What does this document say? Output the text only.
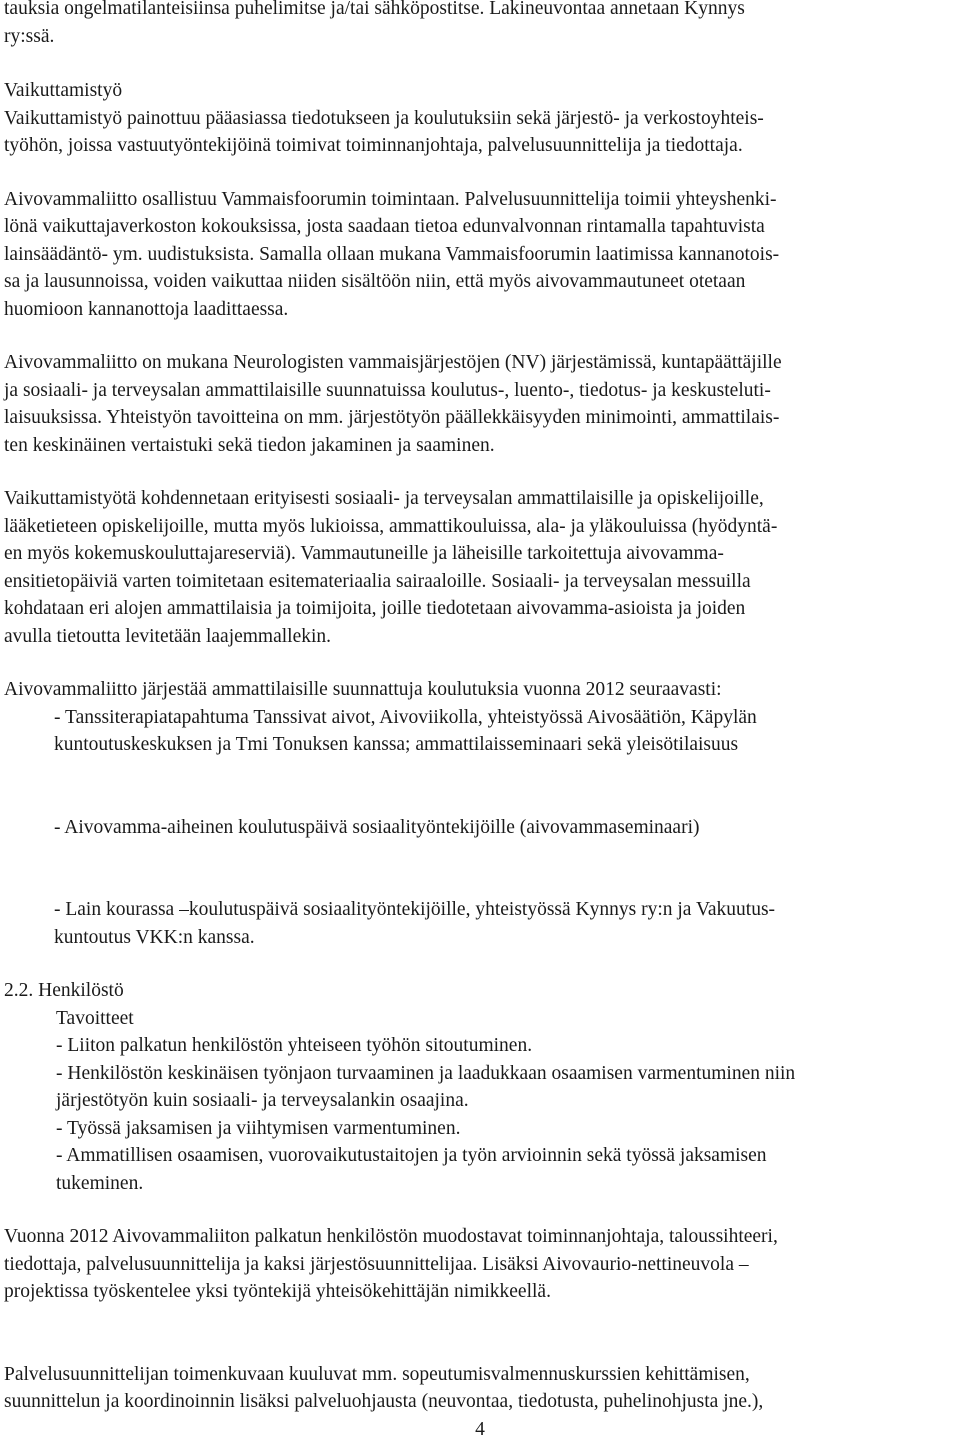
tauksia ongelmatilanteisiinsa puhelimitse ja/tai sähköpostitse. Lakineuvontaa annetaan Kynnys
ry:ssä.

Vaikuttamistyö

Vaikuttamistyö painottuu pääasiassa tiedotukseen ja koulutuksiin sekä järjestö- ja verkostoyhteis-
työhön, joissa vastuutyöntekijöinä toimivat toiminnanjohtaja, palvelusuunnittelija ja tiedottaja.

Aivovammaliitto osallistuu Vammaisfoorumin toimintaan. Palvelusuunnittelija toimii yhteyshenki-
lönä vaikuttajaverkoston kokouksissa, josta saadaan tietoa edunvalvonnan rintamalla tapahtuvista
lainsäädäntö- ym. uudistuksista. Samalla ollaan mukana Vammaisfoorumin laatimissa kannanotois-
sa ja lausunnoissa, voiden vaikuttaa niiden sisältöön niin, että myös aivovammautuneet otetaan
huomioon kannanottoja laadittaessa.

Aivovammaliitto on mukana Neurologisten vammaisjärjestöjen (NV) järjestämissä, kuntapäättäjille
ja sosiaali- ja terveysalan ammattilaisille suunnatuissa koulutus-, luento-, tiedotus- ja keskusteluti-
laisuuksissa. Yhteistyön tavoitteina on mm. järjestötyön päällekkäisyyden minimointi, ammattilais-
ten keskinäinen vertaistuki sekä tiedon jakaminen ja saaminen.

Vaikuttamistyötä kohdennetaan erityisesti sosiaali- ja terveysalan ammattilaisille ja opiskelijoille,
lääketieteen opiskelijoille, mutta myös lukioissa, ammattikouluissa, ala- ja yläkouluissa (hyödyntä-
en myös kokemuskouluttajareserviä). Vammautuneille ja läheisille tarkoitettuja aivovamma-
ensitietopäiviä varten toimitetaan esitemateriaalia sairaaloille. Sosiaali- ja terveysalan messuilla
kohdataan eri alojen ammattilaisia ja toimijoita, joille tiedotetaan aivovamma-asioista ja joiden
avulla tietoutta levitetään laajemmallekin.

Aivovammaliitto järjestää ammattilaisille suunnattuja koulutuksia vuonna 2012 seuraavasti:

- Tanssiterapiatapahtuma Tanssivat aivot, Aivoviikolla, yhteistyössä Aivosäätiön, Käpylän
kuntoutuskeskuksen ja Tmi Tonuksen kanssa; ammattilaisseminaari sekä yleisötilaisuus

- Aivovamma-aiheinen koulutuspäivä sosiaalityöntekijöille (aivovammaseminaari)

- Lain kourassa –koulutuspäivä sosiaalityöntekijöille, yhteistyössä Kynnys ry:n ja Vakuutus-
kuntoutus VKK:n kanssa.

2.2. Henkilöstö
Tavoitteet

- Liiton palkatun henkilöstön yhteiseen työhön sitoutuminen.

- Henkilöstön keskinäisen työnjaon turvaaminen ja laadukkaan osaamisen varmentuminen niin
järjestötyön kuin sosiaali- ja terveysalankin osaajina.

- Työssä jaksamisen ja viihtymisen varmentuminen.

- Ammatillisen osaamisen, vuorovaikutustaitojen ja työn arvioinnin sekä työssä jaksamisen
tukeminen.

Vuonna 2012 Aivovammaliiton palkatun henkilöstön muodostavat toiminnanjohtaja, taloussihteeri,
tiedottaja, palvelusuunnittelija ja kaksi järjestösuunnittelijaa. Lisäksi Aivovaurio-nettineuvola –
projektissa työskentelee yksi työntekijä yhteisökehittäjän nimikkeellä.

Palvelusuunnittelijan toimenkuvaan kuuluvat mm. sopeutumisvalmennuskurssien kehittämisen,
suunnittelun ja koordinoinnin lisäksi palveluohjausta (neuvontaa, tiedotusta, puhelinohjusta jne.),

4
